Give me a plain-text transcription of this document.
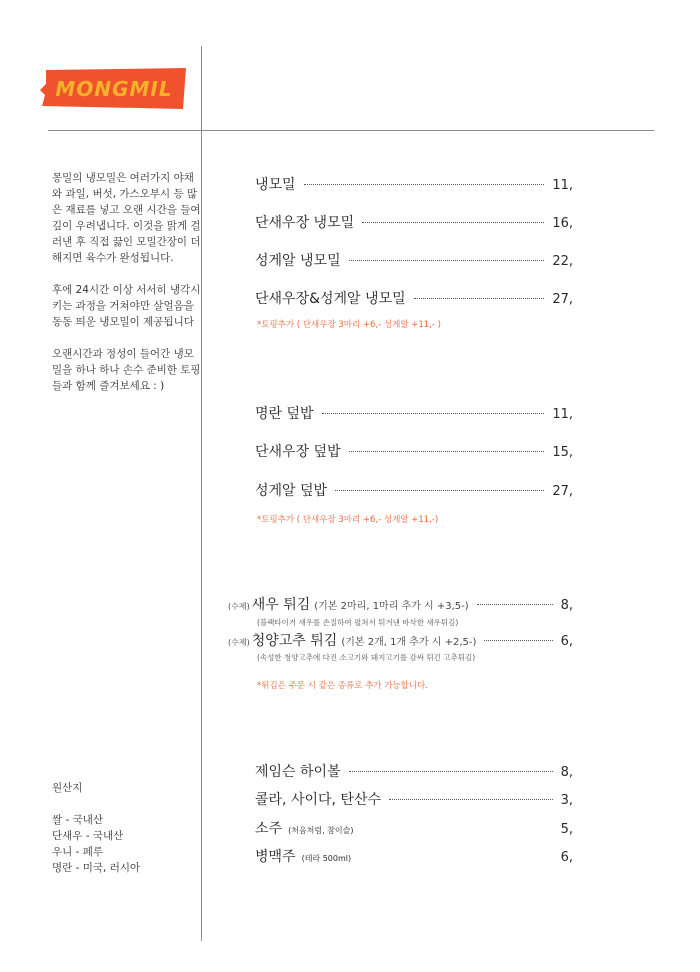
MONGMIL

몽밀의 냉모밀은 여러가지 야채와 과일, 버섯, 가스오부시 등 많은 재료를 넣고 오랜 시간을 들여 깊이 우려냅니다. 이것을 맑게 걸러낸 후 직접 끓인 모밀간장이 더해지면 육수가 완성됩니다.

후에 24시간 이상 서서히 냉각시키는 과정을 거쳐야만 살얼음을 동동 띄운 냉모밀이 제공됩니다

오랜시간과 정성이 들어간 냉모밀을 하나 하나 손수 준비한 토핑들과 함께 즐겨보세요 : )

원산지
쌀 - 국내산
단새우 - 국내산
우니 - 페루
명란 - 미국, 러시아
냉모밀	11,
단새우장 냉모밀	16,
성게알 냉모밀	22,
단새우장&성게알 냉모밀	27,
*토핑추가 ( 단새우장 3마리 +6,- 성게알 +11,- )
명란 덮밥	11,
단새우장 덮밥	15,
성게알 덮밥	27,
*토핑추가 ( 단새우장 3마리 +6,- 성게알 +11,-)
(수제) 새우 튀김 (기본 2마리, 1마리 추가 시 +3,5-)	8,
(블랙타이거 새우를 손질하여 펼쳐서 튀겨낸 바삭한 새우튀김)
(수제) 청양고추 튀김 (기본 2개, 1개 추가 시 +2,5-)	6,
(속성한 청양고추에 다진 소고기와 돼지고기를 감싸 튀긴 고추튀김)
*튀김은 주문 시 같은 종류로 추가 가능합니다.
제임슨 하이볼	8,
콜라, 사이다, 탄산수	3,
소주 (처음처럼, 참이슬)	5,
병맥주 (테라 500ml)	6,
